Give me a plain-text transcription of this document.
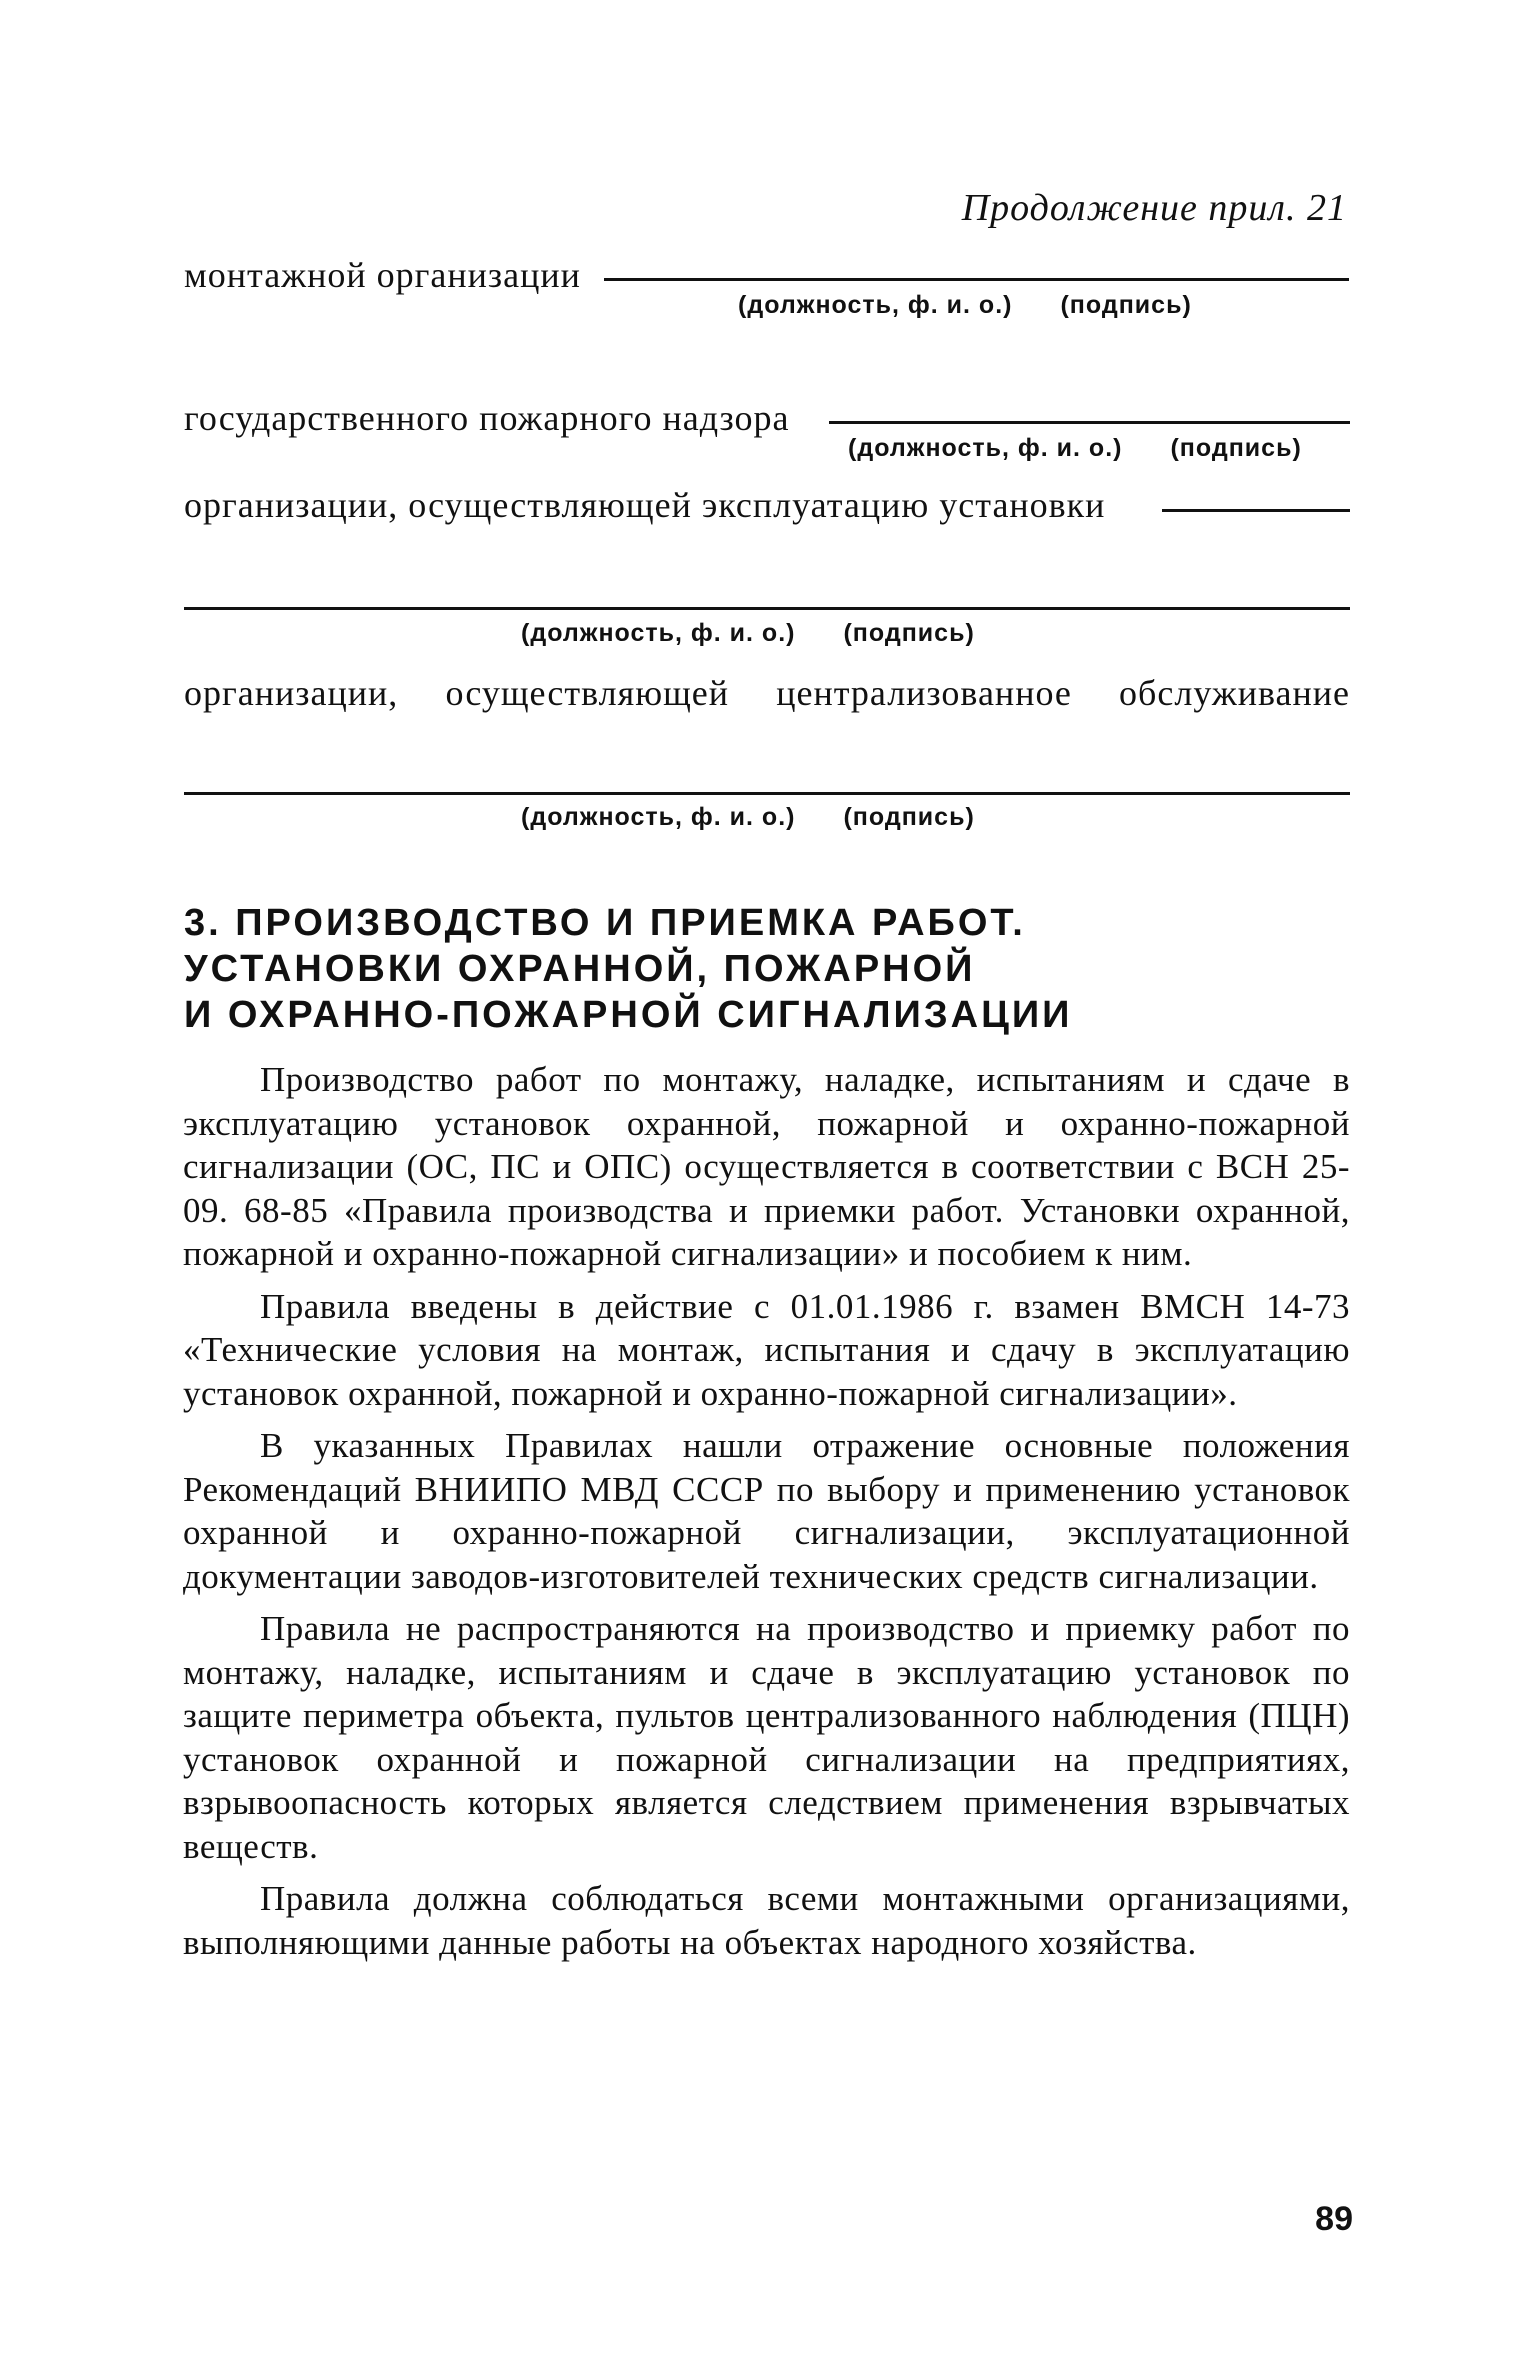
Продолжение прил. 21
монтажной организации
(должность, ф. и. о.) (подпись)
государственного пожарного надзора
(должность, ф. и. о.) (подпись)
организации, осуществляющей эксплуатацию установки
(должность, ф. и. о.) (подпись)
организации, осуществляющей централизованное обслуживание
(должность, ф. и. о.) (подпись)
3. ПРОИЗВОДСТВО И ПРИЕМКА РАБОТ.
УСТАНОВКИ ОХРАННОЙ, ПОЖАРНОЙ
И ОХРАННО-ПОЖАРНОЙ СИГНАЛИЗАЦИИ

Производство работ по монтажу, наладке, испытаниям и сдаче в эксплуатацию установок охранной, пожарной и охранно-пожарной сигнализации (ОС, ПС и ОПС) осуществляется в соответствии с ВСН 25-09. 68-85 «Правила производства и приемки работ. Установки охранной, пожарной и охранно-пожарной сигнализации» и пособием к ним.

Правила введены в действие с 01.01.1986 г. взамен ВМСН 14-73 «Технические условия на монтаж, испытания и сдачу в эксплуатацию установок охранной, пожарной и охранно-пожарной сигнализации».

В указанных Правилах нашли отражение основные положения Рекомендаций ВНИИПО МВД СССР по выбору и применению установок охранной и охранно-пожарной сигнализации, эксплуатационной документации заводов-изготовителей технических средств сигнализации.

Правила не распространяются на производство и приемку работ по монтажу, наладке, испытаниям и сдаче в эксплуатацию установок по защите периметра объекта, пультов централизованного наблюдения (ПЦН) установок охранной и пожарной сигнализации на предприятиях, взрывоопасность которых является следствием применения взрывчатых веществ.

Правила должна соблюдаться всеми монтажными организациями, выполняющими данные работы на объектах народного хозяйства.

89
